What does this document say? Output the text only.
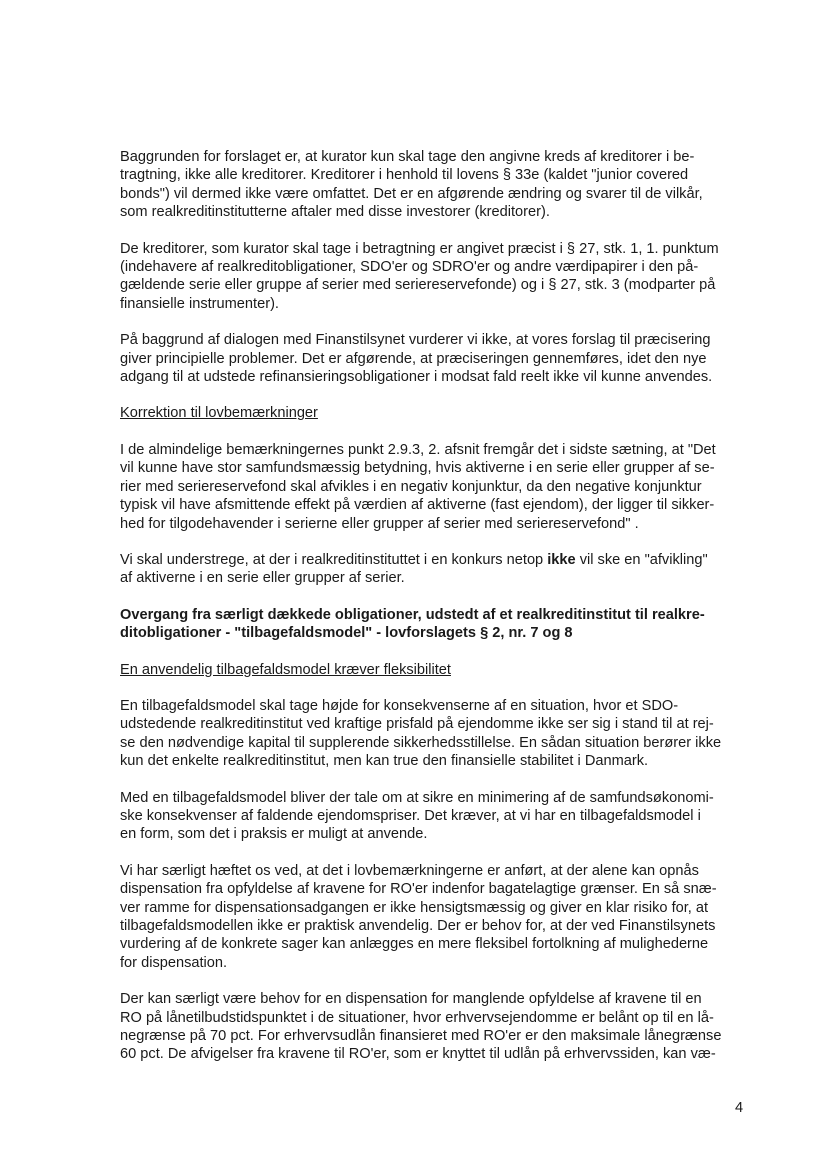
Baggrunden for forslaget er, at kurator kun skal tage den angivne kreds af kreditorer i be-
tragtning, ikke alle kreditorer. Kreditorer i henhold til lovens § 33e (kaldet "junior covered
bonds") vil dermed ikke være omfattet. Det er en afgørende ændring og svarer til de vilkår,
som realkreditinstitutterne aftaler med disse investorer (kreditorer).

De kreditorer, som kurator skal tage i betragtning er angivet præcist i § 27, stk. 1, 1. punktum
(indehavere af realkreditobligationer, SDO'er og SDRO'er og andre værdipapirer i den på-
gældende serie eller gruppe af serier med seriereservefonde) og i § 27, stk. 3 (modparter på
finansielle instrumenter).

På baggrund af dialogen med Finanstilsynet vurderer vi ikke, at vores forslag til præcisering
giver principielle problemer. Det er afgørende, at præciseringen gennemføres, idet den nye
adgang til at udstede refinansieringsobligationer i modsat fald reelt ikke vil kunne anvendes.

Korrektion til lovbemærkninger

I de almindelige bemærkningernes punkt 2.9.3, 2. afsnit fremgår det i sidste sætning, at "Det
vil kunne have stor samfundsmæssig betydning, hvis aktiverne i en serie eller grupper af se-
rier med seriereservefond skal afvikles i en negativ konjunktur, da den negative konjunktur
typisk vil have afsmittende effekt på værdien af aktiverne (fast ejendom), der ligger til sikker-
hed for tilgodehavender i serierne eller grupper af serier med seriereservefond" .

Vi skal understrege, at der i realkreditinstituttet i en konkurs netop ikke vil ske en "afvikling"
af aktiverne i en serie eller grupper af serier.

Overgang fra særligt dækkede obligationer, udstedt af et realkreditinstitut til realkre-
ditobligationer - "tilbagefaldsmodel" - lovforslagets § 2, nr. 7 og 8
En anvendelig tilbagefaldsmodel kræver fleksibilitet

En tilbagefaldsmodel skal tage højde for konsekvenserne af en situation, hvor et SDO-
udstedende realkreditinstitut ved kraftige prisfald på ejendomme ikke ser sig i stand til at rej-
se den nødvendige kapital til supplerende sikkerhedsstillelse. En sådan situation berører ikke
kun det enkelte realkreditinstitut, men kan true den finansielle stabilitet i Danmark.

Med en tilbagefaldsmodel bliver der tale om at sikre en minimering af de samfundsøkonomi-
ske konsekvenser af faldende ejendomspriser. Det kræver, at vi har en tilbagefaldsmodel i
en form, som det i praksis er muligt at anvende.

Vi har særligt hæftet os ved, at det i lovbemærkningerne er anført, at der alene kan opnås
dispensation fra opfyldelse af kravene for RO'er indenfor bagatelagtige grænser. En så snæ-
ver ramme for dispensationsadgangen er ikke hensigtsmæssig og giver en klar risiko for, at
tilbagefaldsmodellen ikke er praktisk anvendelig. Der er behov for, at der ved Finanstilsynets
vurdering af de konkrete sager kan anlægges en mere fleksibel fortolkning af mulighederne
for dispensation.

Der kan særligt være behov for en dispensation for manglende opfyldelse af kravene til en
RO på lånetilbudstidspunktet i de situationer, hvor erhvervsejendomme er belånt op til en lå-
negrænse på 70 pct. For erhvervsudlån finansieret med RO'er er den maksimale lånegrænse
60 pct. De afvigelser fra kravene til RO'er, som er knyttet til udlån på erhvervssiden, kan væ-

4
